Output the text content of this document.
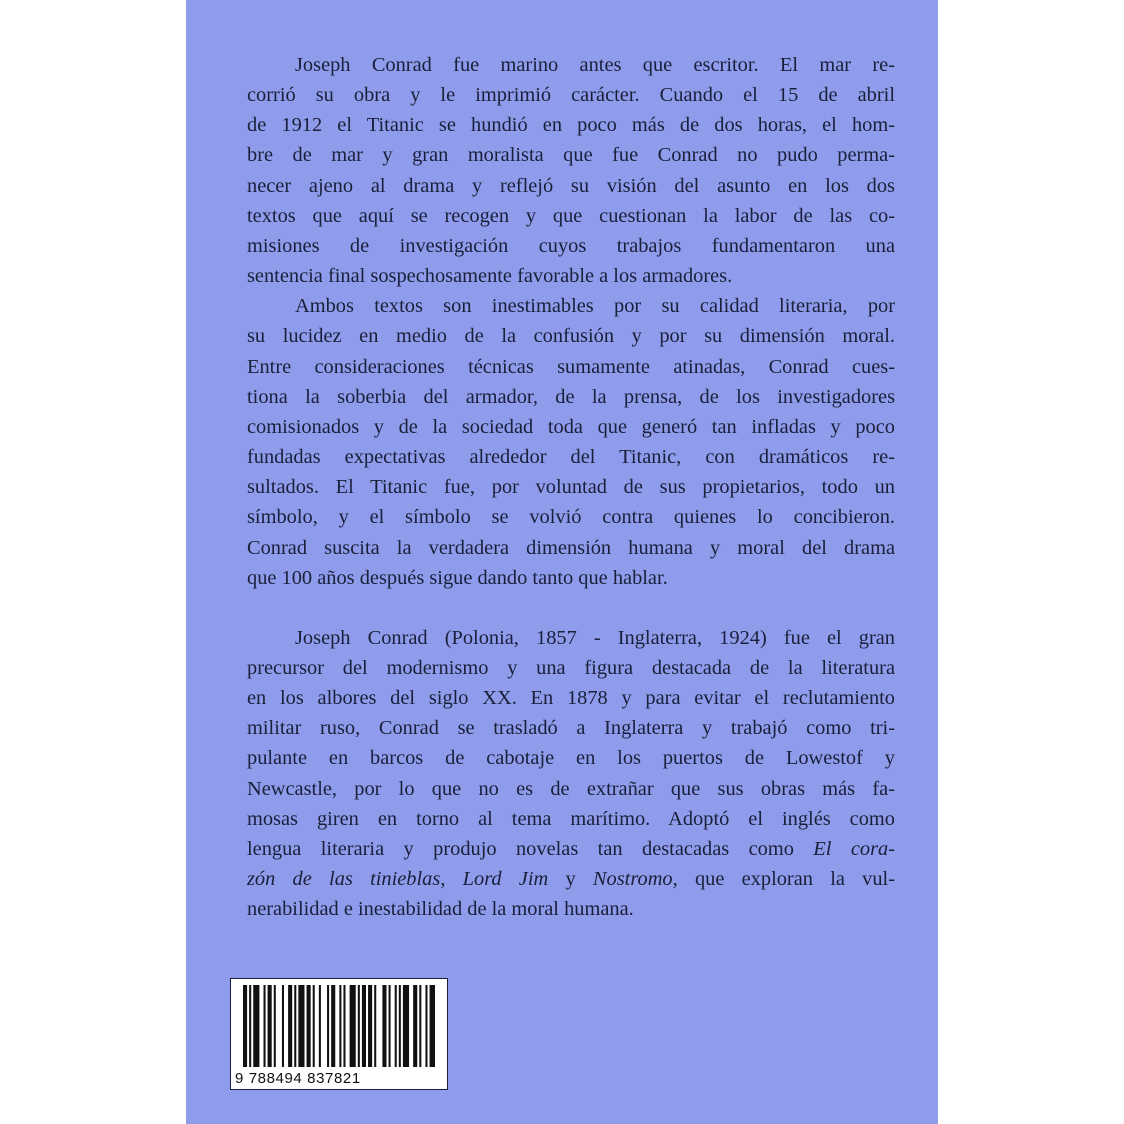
Joseph Conrad fue marino antes que escritor. El mar re-
corrió su obra y le imprimió carácter. Cuando el 15 de abril
de 1912 el Titanic se hundió en poco más de dos horas, el hom-
bre de mar y gran moralista que fue Conrad no pudo perma-
necer ajeno al drama y reflejó su visión del asunto en los dos
textos que aquí se recogen y que cuestionan la labor de las co-
misiones de investigación cuyos trabajos fundamentaron una
sentencia final sospechosamente favorable a los armadores.

Ambos textos son inestimables por su calidad literaria, por
su lucidez en medio de la confusión y por su dimensión moral.
Entre consideraciones técnicas sumamente atinadas, Conrad cues-
tiona la soberbia del armador, de la prensa, de los investigadores
comisionados y de la sociedad toda que generó tan infladas y poco
fundadas expectativas alrededor del Titanic, con dramáticos re-
sultados. El Titanic fue, por voluntad de sus propietarios, todo un
símbolo, y el símbolo se volvió contra quienes lo concibieron.
Conrad suscita la verdadera dimensión humana y moral del drama
que 100 años después sigue dando tanto que hablar.

Joseph Conrad (Polonia, 1857 - Inglaterra, 1924) fue el gran
precursor del modernismo y una figura destacada de la literatura
en los albores del siglo XX. En 1878 y para evitar el reclutamiento
militar ruso, Conrad se trasladó a Inglaterra y trabajó como tri-
pulante en barcos de cabotaje en los puertos de Lowestof y
Newcastle, por lo que no es de extrañar que sus obras más fa-
mosas giren en torno al tema marítimo. Adoptó el inglés como
lengua literaria y produjo novelas tan destacadas como El cora-
zón de las tinieblas, Lord Jim y Nostromo, que exploran la vul-
nerabilidad e inestabilidad de la moral humana.

9 788494 837821
